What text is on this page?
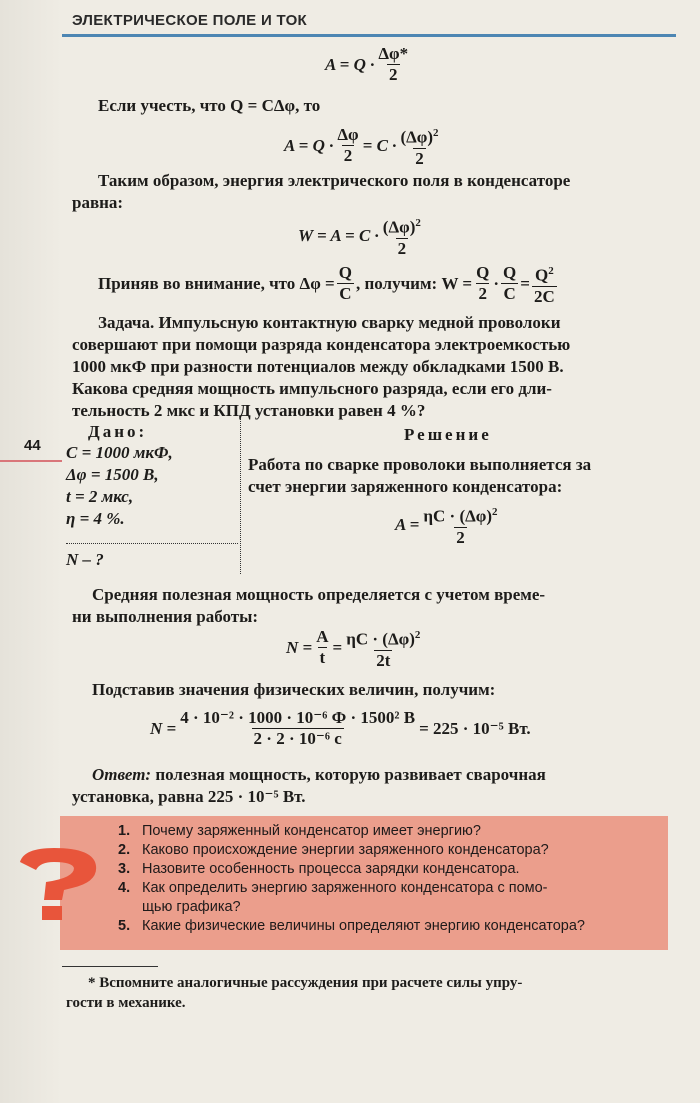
ЭЛЕКТРИЧЕСКОЕ ПОЛЕ И ТОК
$A = Q \cdot \frac{\Delta\varphi*}{2}$
Если учесть, что Q = CΔφ, то
$A = Q \cdot \frac{\Delta\varphi}{2} = C \cdot \frac{(\Delta\varphi)^2}{2}$
Таким образом, энергия электрического поля в конденсаторе
равна:
$W = A = C \cdot \frac{(\Delta\varphi)^2}{2}$
Приняв во внимание, что $\Delta\varphi = \frac{Q}{C}$ , получим: $W = \frac{Q}{2} \cdot \frac{Q}{C} = \frac{Q^2}{2C}$
Задача. Импульсную контактную сварку медной проволоки
совершают при помощи разряда конденсатора электроемкостью
1000 мкФ при разности потенциалов между обкладками 1500 В.
Какова средняя мощность импульсного разряда, если его дли-
тельность 2 мкс и КПД установки равен 4 %?
44
Дано:
C = 1000 мкФ,
Δφ = 1500 В,
t = 2 мкс,
η = 4 %.
N – ?
Решение
Работа по сварке проволоки выполняется за
счет энергии заряженного конденсатора:
$A = \frac{\eta C \cdot (\Delta\varphi)^2}{2}$
Средняя полезная мощность определяется с учетом време-
ни выполнения работы:
$N = \frac{A}{t} = \frac{\eta C \cdot (\Delta\varphi)^2}{2t}$
Подставив значения физических величин, получим:
$N = \frac{\text{4 · 10⁻² · 1000 · 10⁻⁶ Ф · 1500² В}}{\text{2 · 2 · 10⁻⁶ с}} = 225 \cdot 10^{-5}$ Вт.
Ответ: полезная мощность, которую развивает сварочная
установка, равна 225 · 10⁻⁵ Вт.
1. Почему заряженный конденсатор имеет энергию?
2. Каково происхождение энергии заряженного конденсатора?
3. Назовите особенность процесса зарядки конденсатора.
4. Как определить энергию заряженного конденсатора с помо-
щью графика?
5. Какие физические величины определяют энергию конденсатора?
* Вспомните аналогичные рассуждения при расчете силы упру-
гости в механике.
